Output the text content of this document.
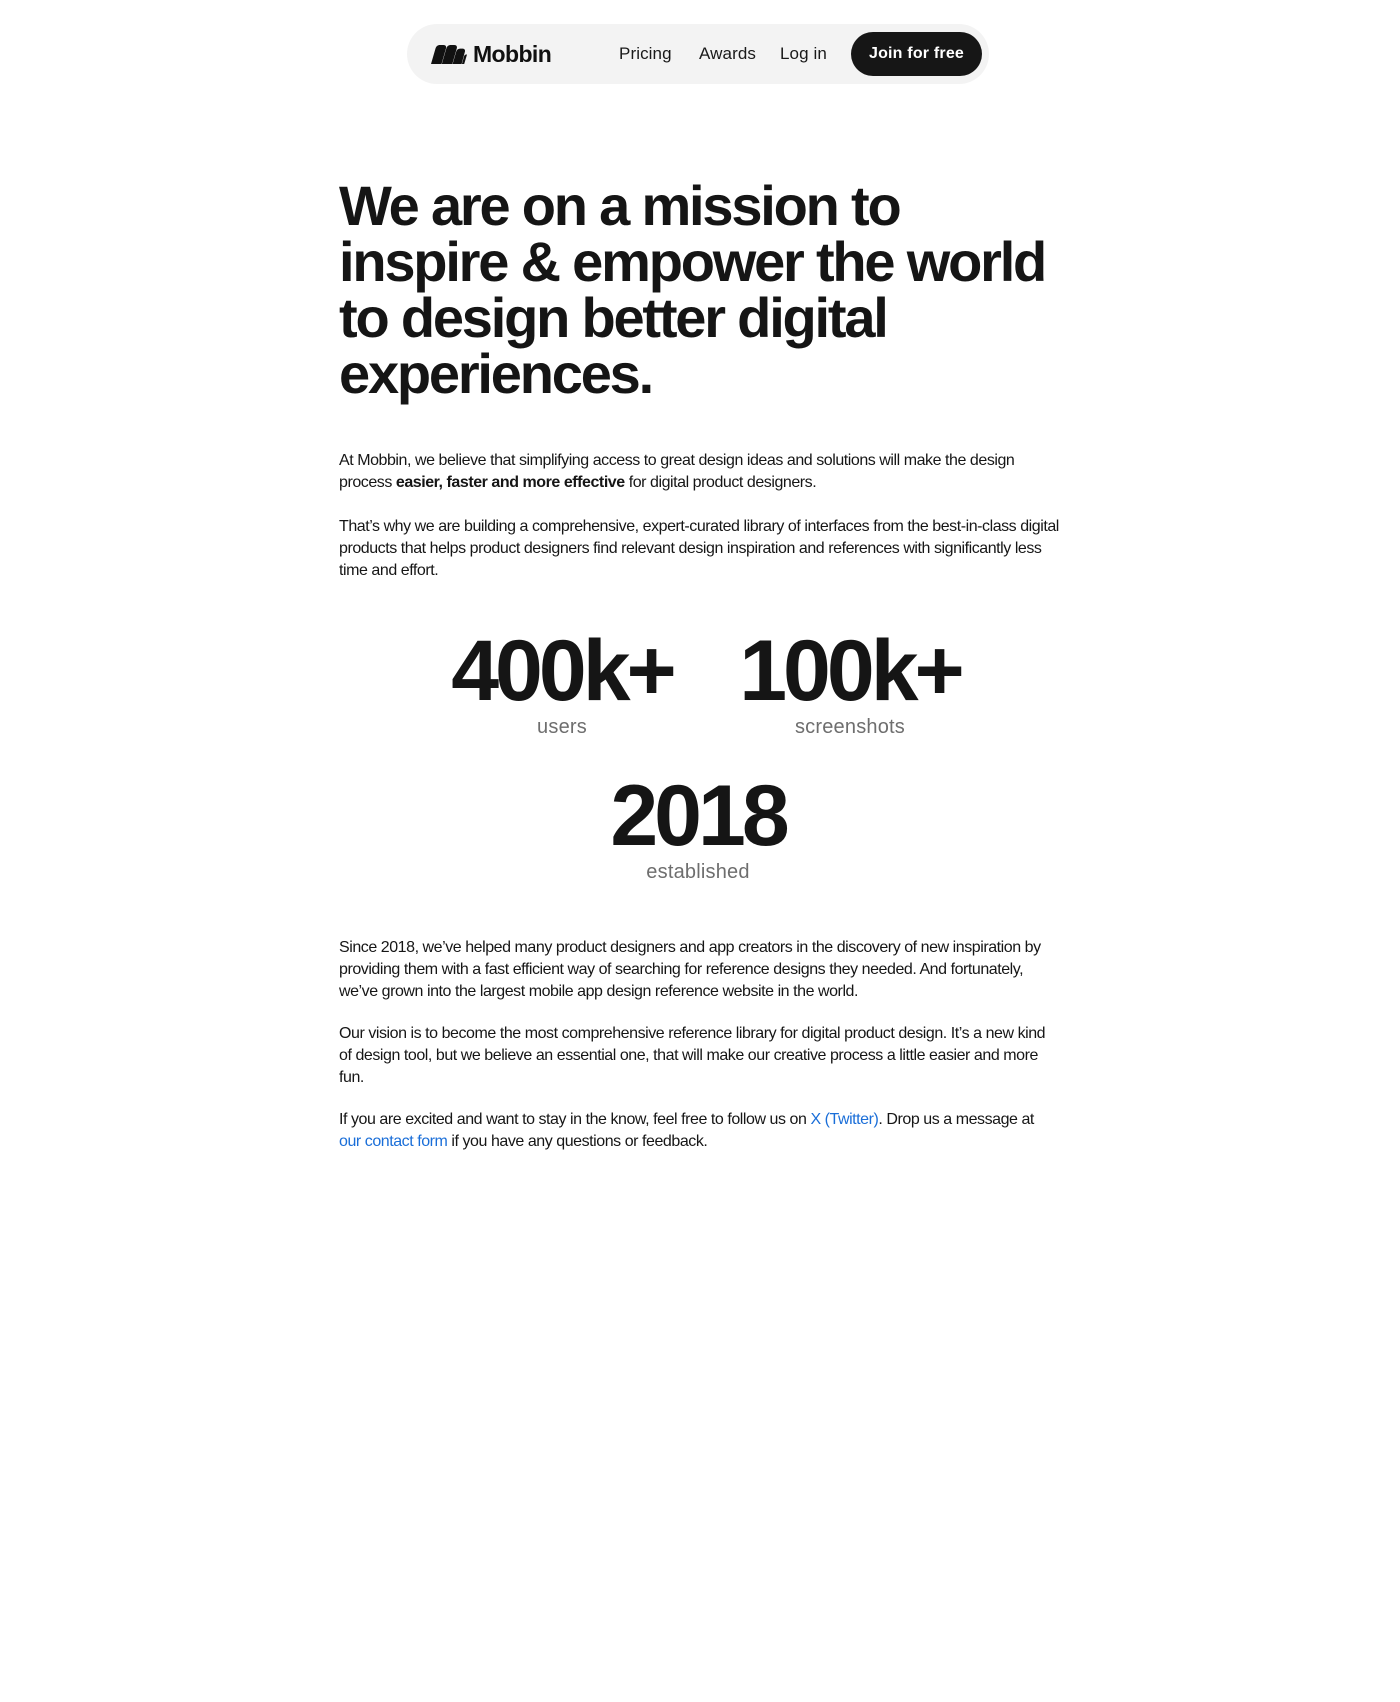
Mobbin	Pricing Awards Log in	Join for free
We are on a mission to inspire & empower the world to design better digital experiences.

At Mobbin, we believe that simplifying access to great design ideas and solutions will make the design process easier, faster and more effective for digital product designers.

That’s why we are building a comprehensive, expert-curated library of interfaces from the best-in-class digital products that helps product designers find relevant design inspiration and references with significantly less time and effort.

Since 2018, we’ve helped many product designers and app creators in the discovery of new inspiration by providing them with a fast efficient way of searching for reference designs they needed. And fortunately, we’ve grown into the largest mobile app design reference website in the world.

Our vision is to become the most comprehensive reference library for digital product design. It’s a new kind of design tool, but we believe an essential one, that will make our creative process a little easier and more fun.

If you are excited and want to stay in the know, feel free to follow us on X (Twitter). Drop us a message at our contact form if you have any questions or feedback.

400k+
users
100k+
screenshots
2018
established
